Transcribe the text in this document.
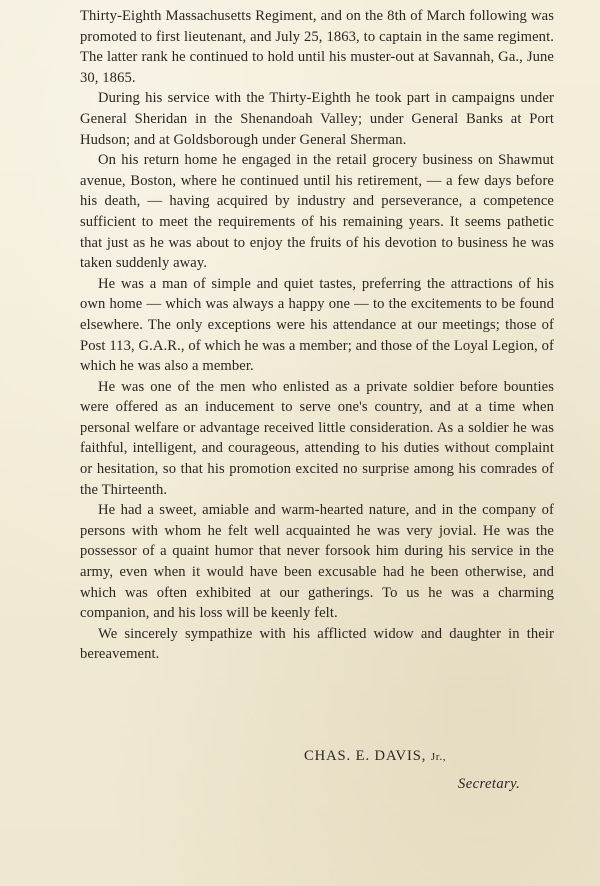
Thirty-Eighth Massachusetts Regiment, and on the 8th of March following was promoted to first lieutenant, and July 25, 1863, to captain in the same regiment. The latter rank he continued to hold until his muster-out at Savannah, Ga., June 30, 1865.

During his service with the Thirty-Eighth he took part in campaigns under General Sheridan in the Shenandoah Valley; under General Banks at Port Hudson; and at Goldsborough under General Sherman.

On his return home he engaged in the retail grocery business on Shawmut avenue, Boston, where he continued until his retirement, — a few days before his death, — having acquired by industry and perseverance, a competence sufficient to meet the requirements of his remaining years. It seems pathetic that just as he was about to enjoy the fruits of his devotion to business he was taken suddenly away.

He was a man of simple and quiet tastes, preferring the attractions of his own home — which was always a happy one — to the excitements to be found elsewhere. The only exceptions were his attendance at our meetings; those of Post 113, G.A.R., of which he was a member; and those of the Loyal Legion, of which he was also a member.

He was one of the men who enlisted as a private soldier before bounties were offered as an inducement to serve one's country, and at a time when personal welfare or advantage received little consideration. As a soldier he was faithful, intelligent, and courageous, attending to his duties without complaint or hesitation, so that his promotion excited no surprise among his comrades of the Thirteenth.

He had a sweet, amiable and warm-hearted nature, and in the company of persons with whom he felt well acquainted he was very jovial. He was the possessor of a quaint humor that never forsook him during his service in the army, even when it would have been excusable had he been otherwise, and which was often exhibited at our gatherings. To us he was a charming companion, and his loss will be keenly felt.

We sincerely sympathize with his afflicted widow and daughter in their bereavement.

CHAS. E. DAVIS, Jr.,
Secretary.
